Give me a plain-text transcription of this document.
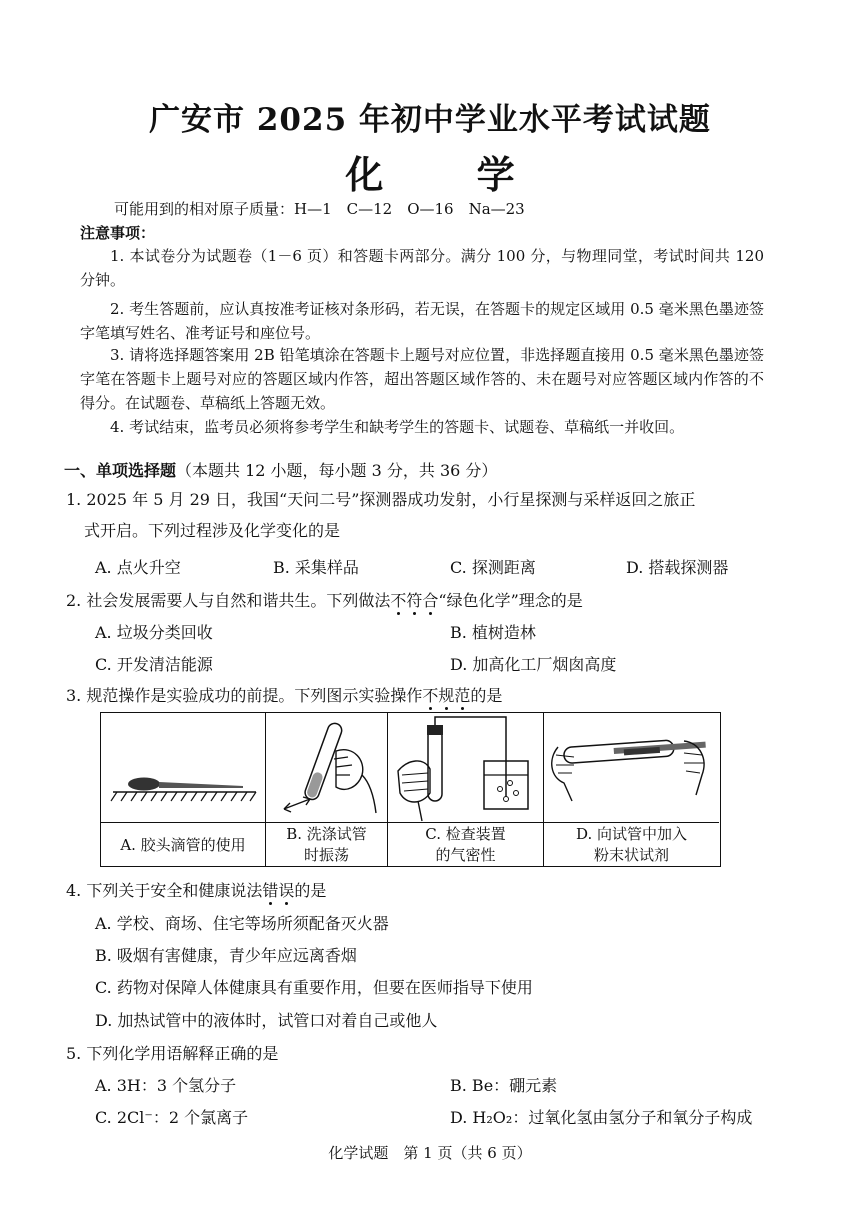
广安市 2025 年初中学业水平考试试题
化 学
可能用到的相对原子质量：H—1　C—12　O—16　Na—23
注意事项：
1. 本试卷分为试题卷（1－6 页）和答题卡两部分。满分 100 分，与物理同堂，考试时间共 120 分钟。
2. 考生答题前，应认真按准考证核对条形码，若无误，在答题卡的规定区域用 0.5 毫米黑色墨迹签字笔填写姓名、准考证号和座位号。
3. 请将选择题答案用 2B 铅笔填涂在答题卡上题号对应位置，非选择题直接用 0.5 毫米黑色墨迹签字笔在答题卡上题号对应的答题区域内作答，超出答题区域作答的、未在题号对应答题区域内作答的不得分。在试题卷、草稿纸上答题无效。
4. 考试结束，监考员必须将参考学生和缺考学生的答题卡、试题卷、草稿纸一并收回。
一、单项选择题（本题共 12 小题，每小题 3 分，共 36 分）
1. 2025 年 5 月 29 日，我国“天问二号”探测器成功发射，小行星探测与采样返回之旅正
式开启。下列过程涉及化学变化的是
A. 点火升空	B. 采集样品	C. 探测距离	D. 搭载探测器
2. 社会发展需要人与自然和谐共生。下列做法不符合“绿色化学”理念的是
A. 垃圾分类回收	B. 植树造林
C. 开发清洁能源	D. 加高化工厂烟囱高度
3. 规范操作是实验成功的前提。下列图示实验操作不规范的是
A. 胶头滴管的使用
B. 洗涤试管
时振荡
C. 检查装置
的气密性
D. 向试管中加入
粉末状试剂
4. 下列关于安全和健康说法错误的是
A. 学校、商场、住宅等场所须配备灭火器
B. 吸烟有害健康，青少年应远离香烟
C. 药物对保障人体健康具有重要作用，但要在医师指导下使用
D. 加热试管中的液体时，试管口对着自己或他人
5. 下列化学用语解释正确的是
A. 3H：3 个氢分子	B. Be：硼元素
C. 2Cl⁻：2 个氯离子	D. H₂O₂：过氧化氢由氢分子和氧分子构成
化学试题　第 1 页（共 6 页）
